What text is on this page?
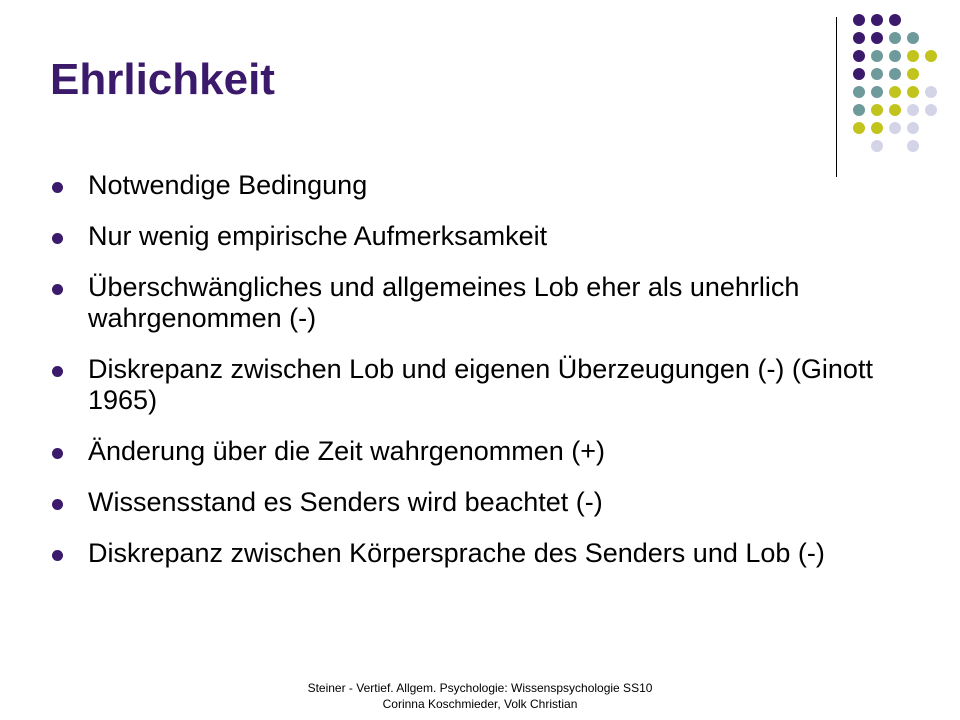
Ehrlichkeit
Notwendige Bedingung
Nur wenig empirische Aufmerksamkeit
Überschwängliches und allgemeines Lob eher als unehrlich wahrgenommen (-)
Diskrepanz zwischen Lob und eigenen Überzeugungen (-) (Ginott 1965)
Änderung über die Zeit wahrgenommen (+)
Wissensstand es Senders wird beachtet (-)
Diskrepanz zwischen Körpersprache des Senders und Lob (-)
Steiner - Vertief. Allgem. Psychologie: Wissenspsychologie SS10
Corinna Koschmieder, Volk Christian
